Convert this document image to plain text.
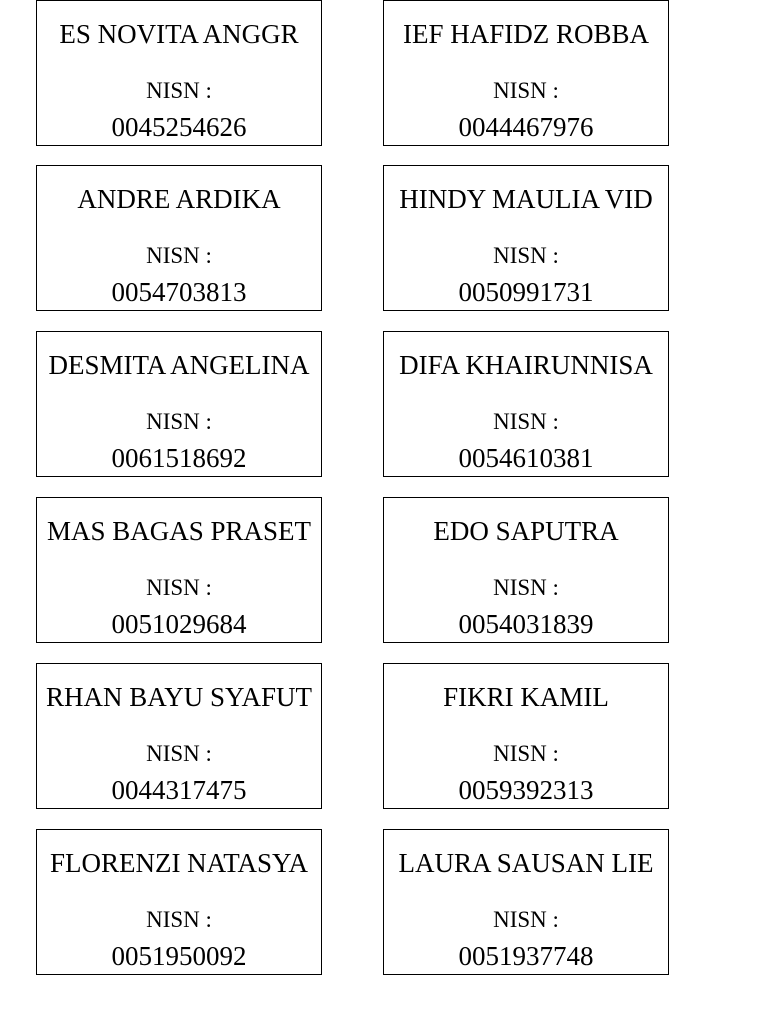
ES NOVITA ANGGR
NISN :
0045254626
IEF HAFIDZ ROBBA
NISN :
0044467976
ANDRE ARDIKA
NISN :
0054703813
HINDY MAULIA VID
NISN :
0050991731
DESMITA ANGELINA
NISN :
0061518692
DIFA KHAIRUNNISA
NISN :
0054610381
MAS BAGAS PRASET
NISN :
0051029684
EDO SAPUTRA
NISN :
0054031839
RHAN BAYU SYAFUT
NISN :
0044317475
FIKRI KAMIL
NISN :
0059392313
FLORENZI NATASYA
NISN :
0051950092
LAURA SAUSAN LIE
NISN :
0051937748
